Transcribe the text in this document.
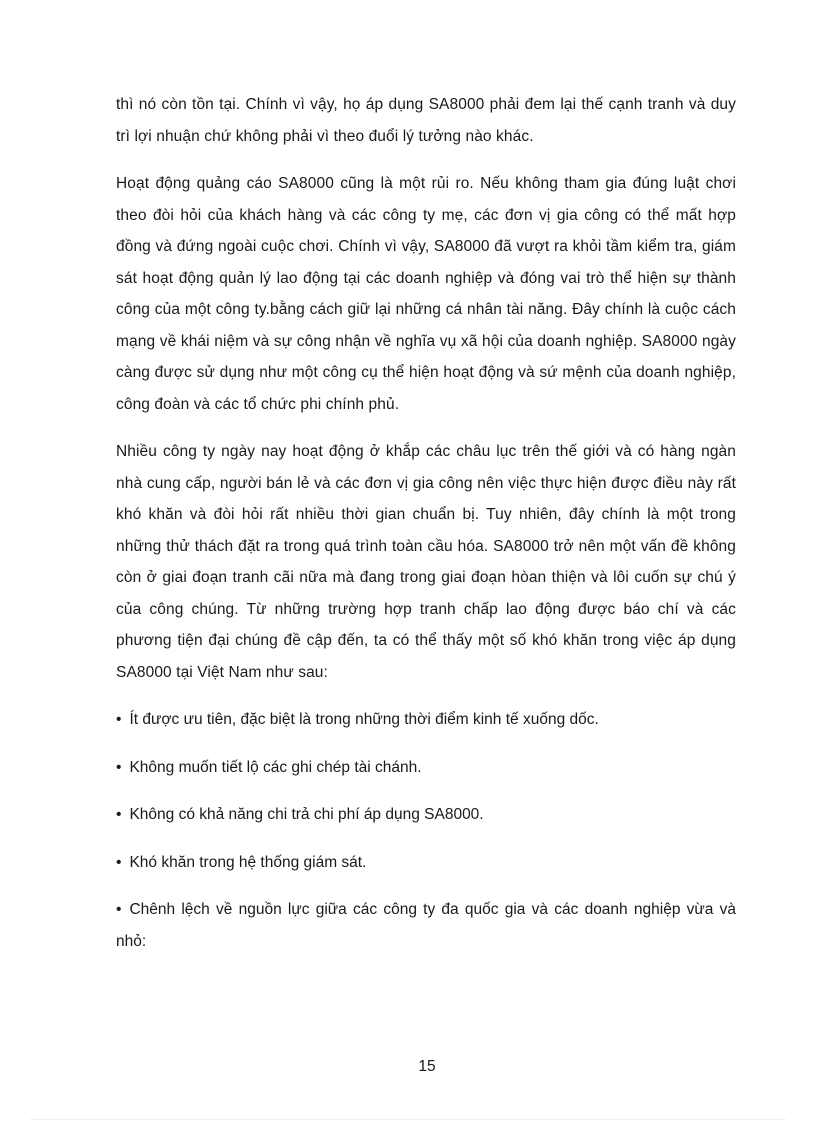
thì nó còn tồn tại. Chính vì vậy, họ áp dụng SA8000 phải đem lại thế cạnh tranh và duy trì lợi nhuận chứ không phải vì theo đuổi lý tưởng nào khác.

Hoạt động quảng cáo SA8000 cũng là một rủi ro. Nếu không tham gia đúng luật chơi theo đòi hỏi của khách hàng và các công ty mẹ, các đơn vị gia công có thể mất hợp đồng và đứng ngoài cuộc chơi. Chính vì vậy, SA8000 đã vượt ra khỏi tầm kiểm tra, giám sát hoạt động quản lý lao động tại các doanh nghiệp và đóng vai trò thể hiện sự thành công của một công ty.bằng cách giữ lại những cá nhân tài năng. Đây chính là cuộc cách mạng về khái niệm và sự công nhận về nghĩa vụ xã hội của doanh nghiệp. SA8000 ngày càng được sử dụng như một công cụ thể hiện hoạt động và sứ mệnh của doanh nghiệp, công đoàn và các tổ chức phi chính phủ.

Nhiều công ty ngày nay hoạt động ở khắp các châu lục trên thế giới và có hàng ngàn nhà cung cấp, người bán lẻ và các đơn vị gia công nên việc thực hiện được điều này rất khó khăn và đòi hỏi rất nhiều thời gian chuẩn bị. Tuy nhiên, đây chính là một trong những thử thách đặt ra trong quá trình toàn cầu hóa. SA8000 trở nên một vấn đề không còn ở giai đoạn tranh cãi nữa mà đang trong giai đoạn hòan thiện và lôi cuốn sự chú ý của công chúng. Từ những trường hợp tranh chấp lao động được báo chí và các phương tiện đại chúng đề cập đến, ta có thể thấy một số khó khăn trong việc áp dụng SA8000 tại Việt Nam như sau:

• Ít được ưu tiên, đặc biệt là trong những thời điểm kinh tế xuống dốc.

• Không muốn tiết lộ các ghi chép tài chánh.

• Không có khả năng chi trả chi phí áp dụng SA8000.

• Khó khăn trong hệ thống giám sát.

• Chênh lệch về nguồn lực giữa các công ty đa quốc gia và các doanh nghiệp vừa và nhỏ:

15
